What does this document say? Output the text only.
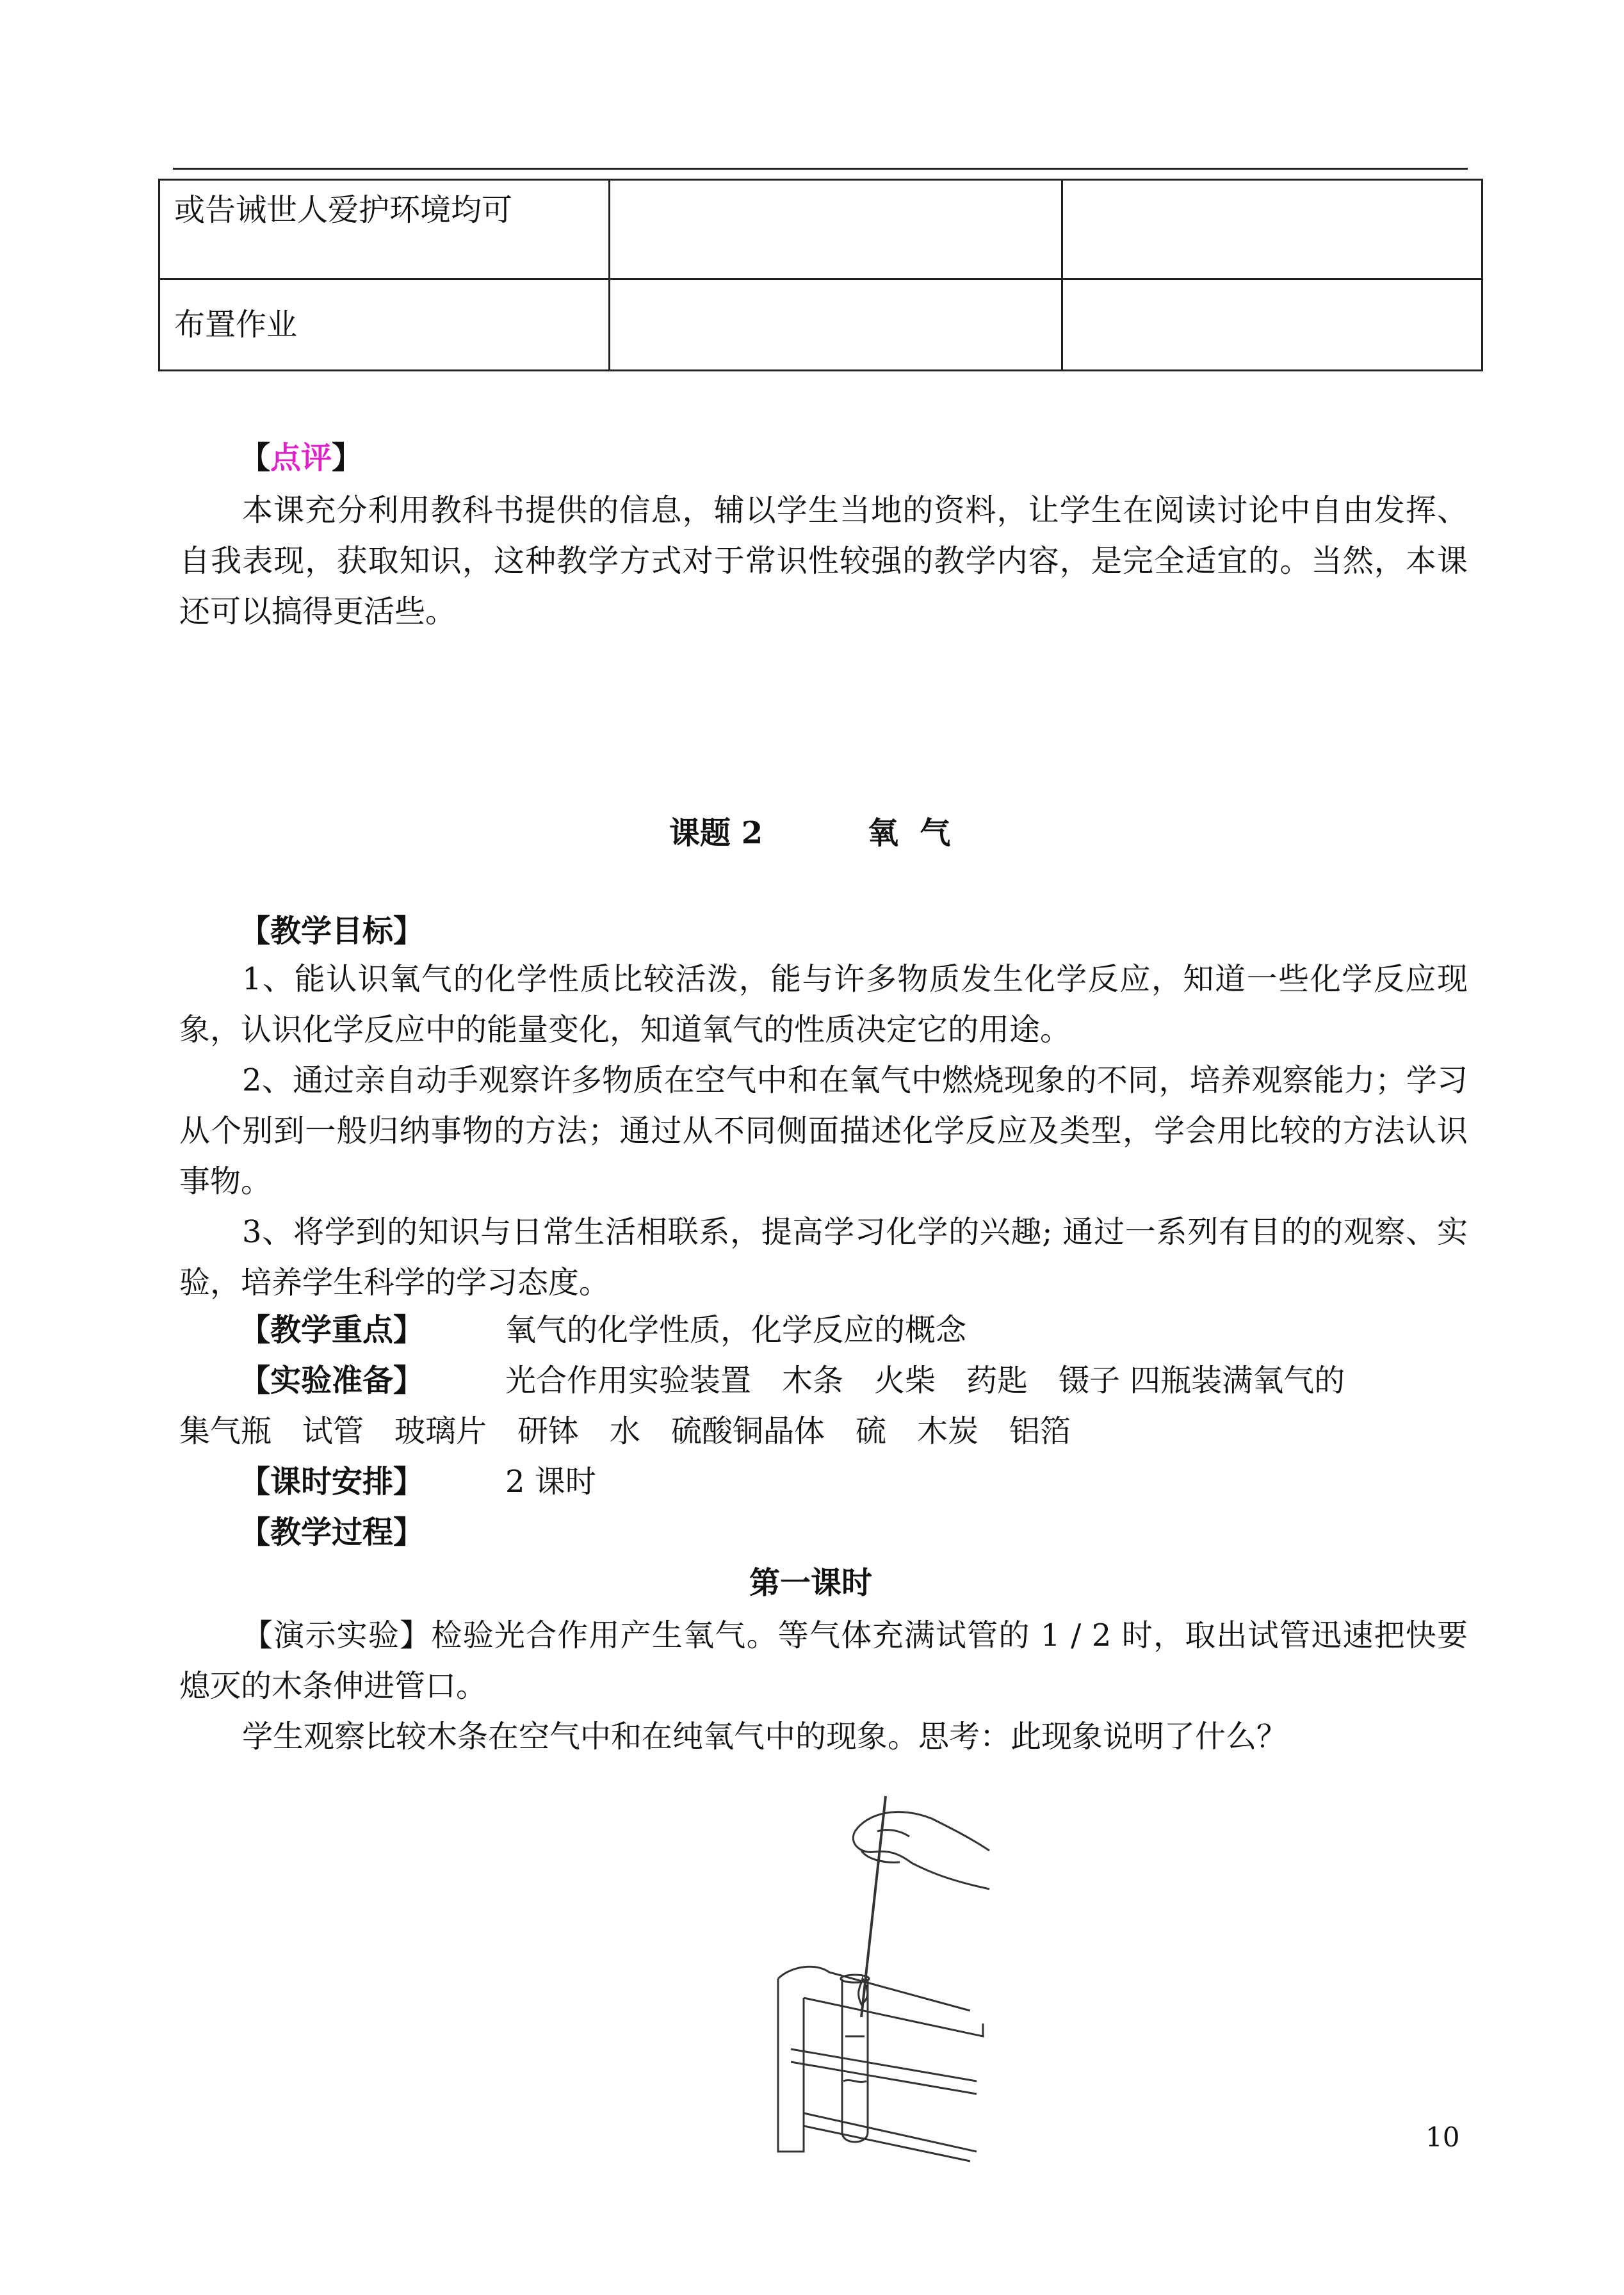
或告诫世人爱护环境均可		
布置作业		
【点评】
本课充分利用教科书提供的信息，辅以学生当地的资料，让学生在阅读讨论中自由发挥、自我表现，获取知识，这种教学方式对于常识性较强的教学内容，是完全适宜的。当然，本课还可以搞得更活些。
课题 2	氧  气
【教学目标】
1、能认识氧气的化学性质比较活泼，能与许多物质发生化学反应，知道一些化学反应现象，认识化学反应中的能量变化，知道氧气的性质决定它的用途。
2、通过亲自动手观察许多物质在空气中和在氧气中燃烧现象的不同，培养观察能力；学习从个别到一般归纳事物的方法；通过从不同侧面描述化学反应及类型，学会用比较的方法认识事物。
3、将学到的知识与日常生活相联系，提高学习化学的兴趣; 通过一系列有目的的观察、实验，培养学生科学的学习态度。
【教学重点】	氧气的化学性质，化学反应的概念
【实验准备】	光合作用实验装置　木条　火柴　药匙　镊子 四瓶装满氧气的
集气瓶　试管　玻璃片　研钵　水　硫酸铜晶体　硫　木炭　铝箔
【课时安排】	2 课时
【教学过程】
第一课时
【演示实验】检验光合作用产生氧气。等气体充满试管的 1 / 2 时，取出试管迅速把快要熄灭的木条伸进管口。
学生观察比较木条在空气中和在纯氧气中的现象。思考：此现象说明了什么？
10
